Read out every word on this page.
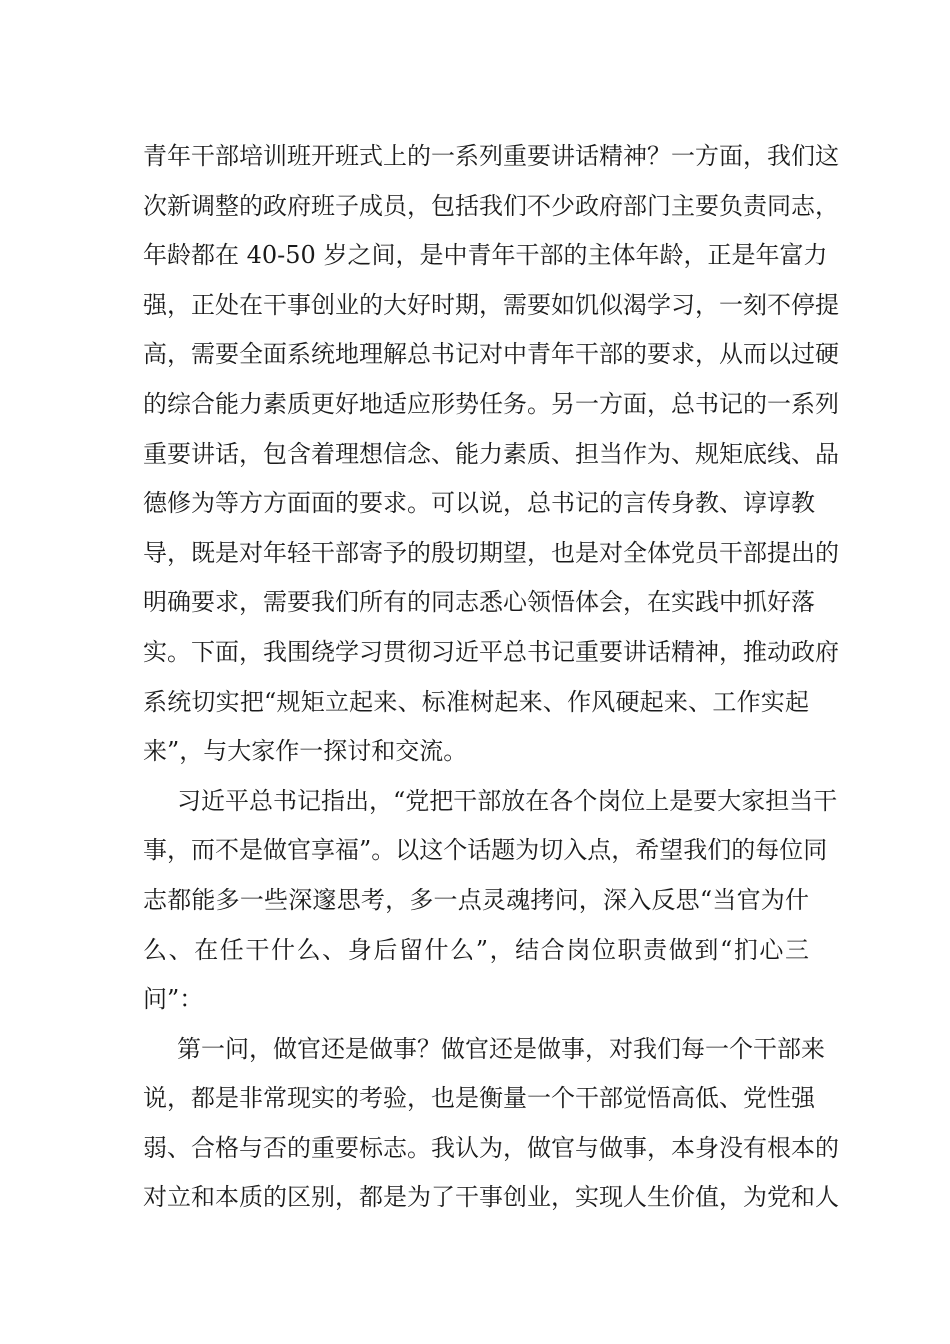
青年干部培训班开班式上的一系列重要讲话精神？一方面，我们这
次新调整的政府班子成员，包括我们不少政府部门主要负责同志，
年龄都在 40-50 岁之间，是中青年干部的主体年龄，正是年富力
强，正处在干事创业的大好时期，需要如饥似渴学习，一刻不停提
高，需要全面系统地理解总书记对中青年干部的要求，从而以过硬
的综合能力素质更好地适应形势任务。另一方面，总书记的一系列
重要讲话，包含着理想信念、能力素质、担当作为、规矩底线、品
德修为等方方面面的要求。可以说，总书记的言传身教、谆谆教
导，既是对年轻干部寄予的殷切期望，也是对全体党员干部提出的
明确要求，需要我们所有的同志悉心领悟体会，在实践中抓好落
实。下面，我围绕学习贯彻习近平总书记重要讲话精神，推动政府
系统切实把“规矩立起来、标准树起来、作风硬起来、工作实起
来”，与大家作一探讨和交流。
习近平总书记指出，“党把干部放在各个岗位上是要大家担当干
事，而不是做官享福”。以这个话题为切入点，希望我们的每位同
志都能多一些深邃思考，多一点灵魂拷问，深入反思“当官为什
么、在任干什么、身后留什么”，结合岗位职责做到“扪心三
问”：
第一问，做官还是做事？做官还是做事，对我们每一个干部来
说，都是非常现实的考验，也是衡量一个干部觉悟高低、党性强
弱、合格与否的重要标志。我认为，做官与做事，本身没有根本的
对立和本质的区别，都是为了干事创业，实现人生价值，为党和人
